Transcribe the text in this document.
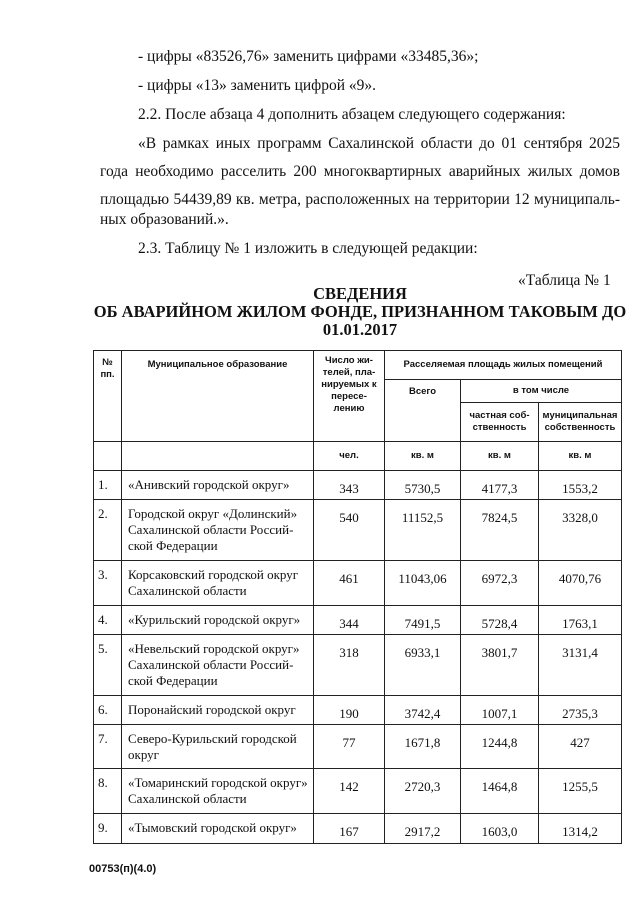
- цифры «83526,76» заменить цифрами «33485,36»;
- цифры «13» заменить цифрой «9».
2.2. После абзаца 4 дополнить абзацем следующего содержания:
«В рамках иных программ Сахалинской области до 01 сентября 2025
года необходимо расселить 200 многоквартирных аварийных жилых домов
площадью 54439,89 кв. метра, расположенных на территории 12 муниципаль-
ных образований.».
2.3. Таблицу № 1 изложить в следующей редакции:
«Таблица № 1
СВЕДЕНИЯ
ОБ АВАРИЙНОМ ЖИЛОМ ФОНДЕ, ПРИЗНАННОМ ТАКОВЫМ ДО
01.01.2017
№ пп.	Муниципальное образование	Число жи-телей, пла-нируемых к пересе-лению	Расселяемая площадь жилых помещений		
			Всего	в том числе	
				частная соб-ственность	муниципальная собственность
		чел.	кв. м	кв. м	кв. м
1.	«Анивский городской округ»	343	5730,5	4177,3	1553,2
2.	Городской округ «Долинский» Сахалинской области Россий-ской Федерации	540	11152,5	7824,5	3328,0
3.	Корсаковский городской округ Сахалинской области	461	11043,06	6972,3	4070,76
4.	«Курильский городской округ»	344	7491,5	5728,4	1763,1
5.	«Невельский городской округ» Сахалинской области Россий-ской Федерации	318	6933,1	3801,7	3131,4
6.	Поронайский городской округ	190	3742,4	1007,1	2735,3
7.	Северо-Курильский городской округ	77	1671,8	1244,8	427
8.	«Томаринский городской округ» Сахалинской области	142	2720,3	1464,8	1255,5
9.	«Тымовский городской округ»	167	2917,2	1603,0	1314,2
00753(п)(4.0)
